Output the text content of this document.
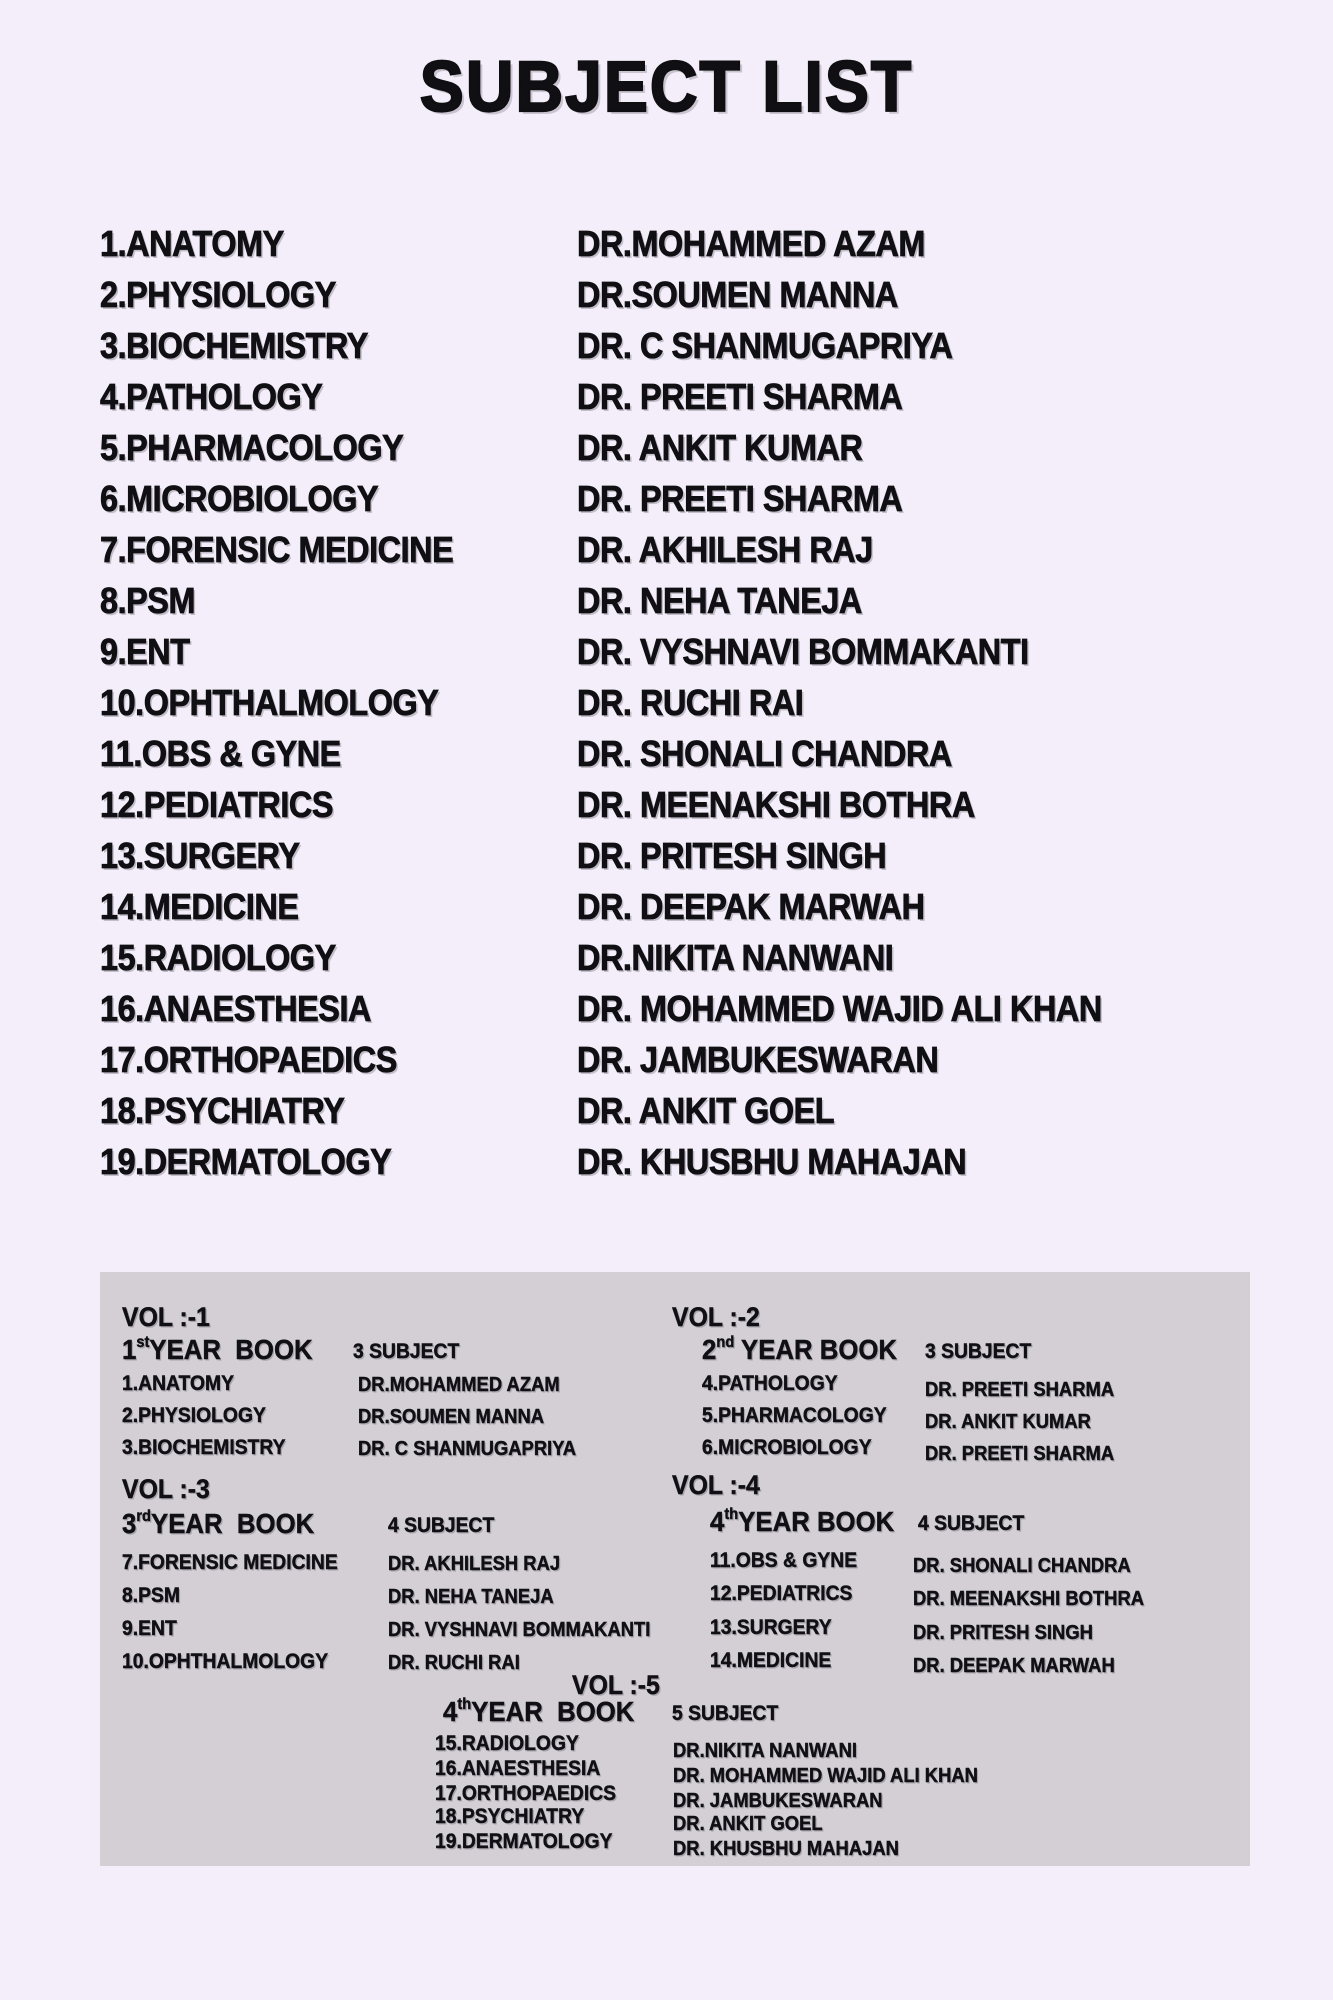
SUBJECT LIST
1.ANATOMY	DR.MOHAMMED AZAM
2.PHYSIOLOGY	DR.SOUMEN MANNA
3.BIOCHEMISTRY	DR. C SHANMUGAPRIYA
4.PATHOLOGY	DR. PREETI SHARMA
5.PHARMACOLOGY	DR. ANKIT KUMAR
6.MICROBIOLOGY	DR. PREETI SHARMA
7.FORENSIC MEDICINE	DR. AKHILESH RAJ
8.PSM	DR. NEHA TANEJA
9.ENT	DR. VYSHNAVI BOMMAKANTI
10.OPHTHALMOLOGY	DR. RUCHI RAI
11.OBS & GYNE	DR. SHONALI CHANDRA
12.PEDIATRICS	DR. MEENAKSHI BOTHRA
13.SURGERY	DR. PRITESH SINGH
14.MEDICINE	DR. DEEPAK MARWAH
15.RADIOLOGY	DR.NIKITA NANWANI
16.ANAESTHESIA	DR. MOHAMMED WAJID ALI KHAN
17.ORTHOPAEDICS	DR. JAMBUKESWARAN
18.PSYCHIATRY	DR. ANKIT GOEL
19.DERMATOLOGY	DR. KHUSBHU MAHAJAN
VOL :-1
1stYEAR  BOOK 3 SUBJECT
1.ANATOMY	DR.MOHAMMED AZAM
2.PHYSIOLOGY	DR.SOUMEN MANNA
3.BIOCHEMISTRY	DR. C SHANMUGAPRIYA
VOL :-2
2nd YEAR BOOK 3 SUBJECT
4.PATHOLOGY	DR. PREETI SHARMA
5.PHARMACOLOGY DR. ANKIT KUMAR
6.MICROBIOLOGY	DR. PREETI SHARMA
VOL :-3
3rdYEAR  BOOK	4 SUBJECT
7.FORENSIC MEDICINE	DR. AKHILESH RAJ
8.PSM	DR. NEHA TANEJA
9.ENT	DR. VYSHNAVI BOMMAKANTI
10.OPHTHALMOLOGY	DR. RUCHI RAI
VOL :-4
4thYEAR BOOK 4 SUBJECT
11.OBS & GYNE	DR. SHONALI CHANDRA
12.PEDIATRICS	DR. MEENAKSHI BOTHRA
13.SURGERY	DR. PRITESH SINGH
14.MEDICINE	DR. DEEPAK MARWAH
VOL :-5
4thYEAR  BOOK 5 SUBJECT
15.RADIOLOGY	DR.NIKITA NANWANI
16.ANAESTHESIA	DR. MOHAMMED WAJID ALI KHAN
17.ORTHOPAEDICS	DR. JAMBUKESWARAN
18.PSYCHIATRY	DR. ANKIT GOEL
19.DERMATOLOGY	DR. KHUSBHU MAHAJAN
